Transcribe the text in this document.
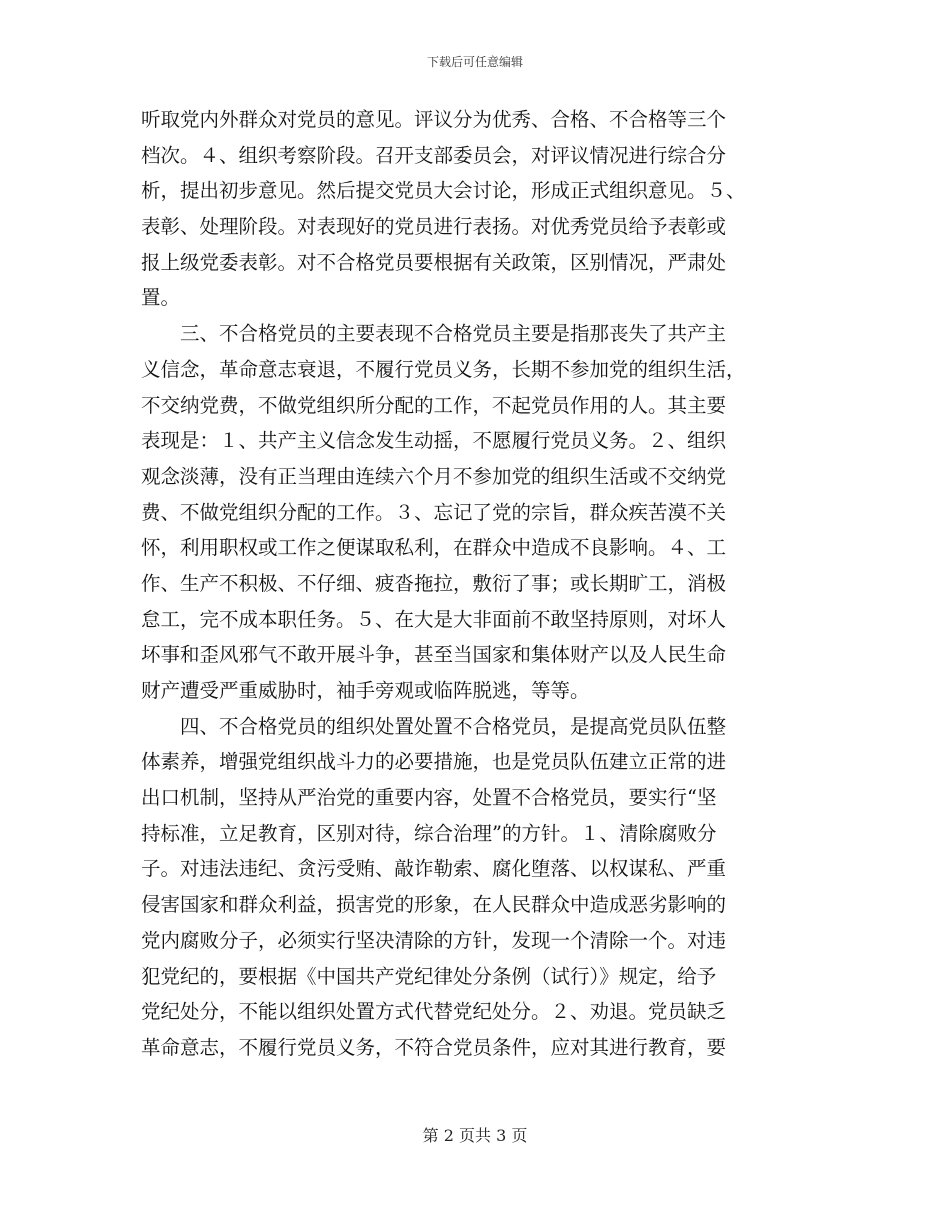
下载后可任意编辑
听取党内外群众对党员的意见。评议分为优秀、合格、不合格等三个
档次。４、组织考察阶段。召开支部委员会，对评议情况进行综合分
析，提出初步意见。然后提交党员大会讨论，形成正式组织意见。５、
表彰、处理阶段。对表现好的党员进行表扬。对优秀党员给予表彰或
报上级党委表彰。对不合格党员要根据有关政策，区别情况，严肃处
置。
　　三、不合格党员的主要表现不合格党员主要是指那丧失了共产主
义信念，革命意志衰退，不履行党员义务，长期不参加党的组织生活，
不交纳党费，不做党组织所分配的工作，不起党员作用的人。其主要
表现是：１、共产主义信念发生动摇，不愿履行党员义务。２、组织
观念淡薄，没有正当理由连续六个月不参加党的组织生活或不交纳党
费、不做党组织分配的工作。３、忘记了党的宗旨，群众疾苦漠不关
怀，利用职权或工作之便谋取私利，在群众中造成不良影响。４、工
作、生产不积极、不仔细、疲沓拖拉，敷衍了事；或长期旷工，消极
怠工，完不成本职任务。５、在大是大非面前不敢坚持原则，对坏人
坏事和歪风邪气不敢开展斗争，甚至当国家和集体财产以及人民生命
财产遭受严重威胁时，袖手旁观或临阵脱逃，等等。
　　四、不合格党员的组织处置处置不合格党员，是提高党员队伍整
体素养，增强党组织战斗力的必要措施，也是党员队伍建立正常的进
出口机制，坚持从严治党的重要内容，处置不合格党员，要实行“坚
持标准，立足教育，区别对待，综合治理”的方针。１、清除腐败分
子。对违法违纪、贪污受贿、敲诈勒索、腐化堕落、以权谋私、严重
侵害国家和群众利益，损害党的形象，在人民群众中造成恶劣影响的
党内腐败分子，必须实行坚决清除的方针，发现一个清除一个。对违
犯党纪的，要根据《中国共产党纪律处分条例（试行）》规定，给予
党纪处分，不能以组织处置方式代替党纪处分。２、劝退。党员缺乏
革命意志，不履行党员义务，不符合党员条件，应对其进行教育，要
第 2 页共 3 页
